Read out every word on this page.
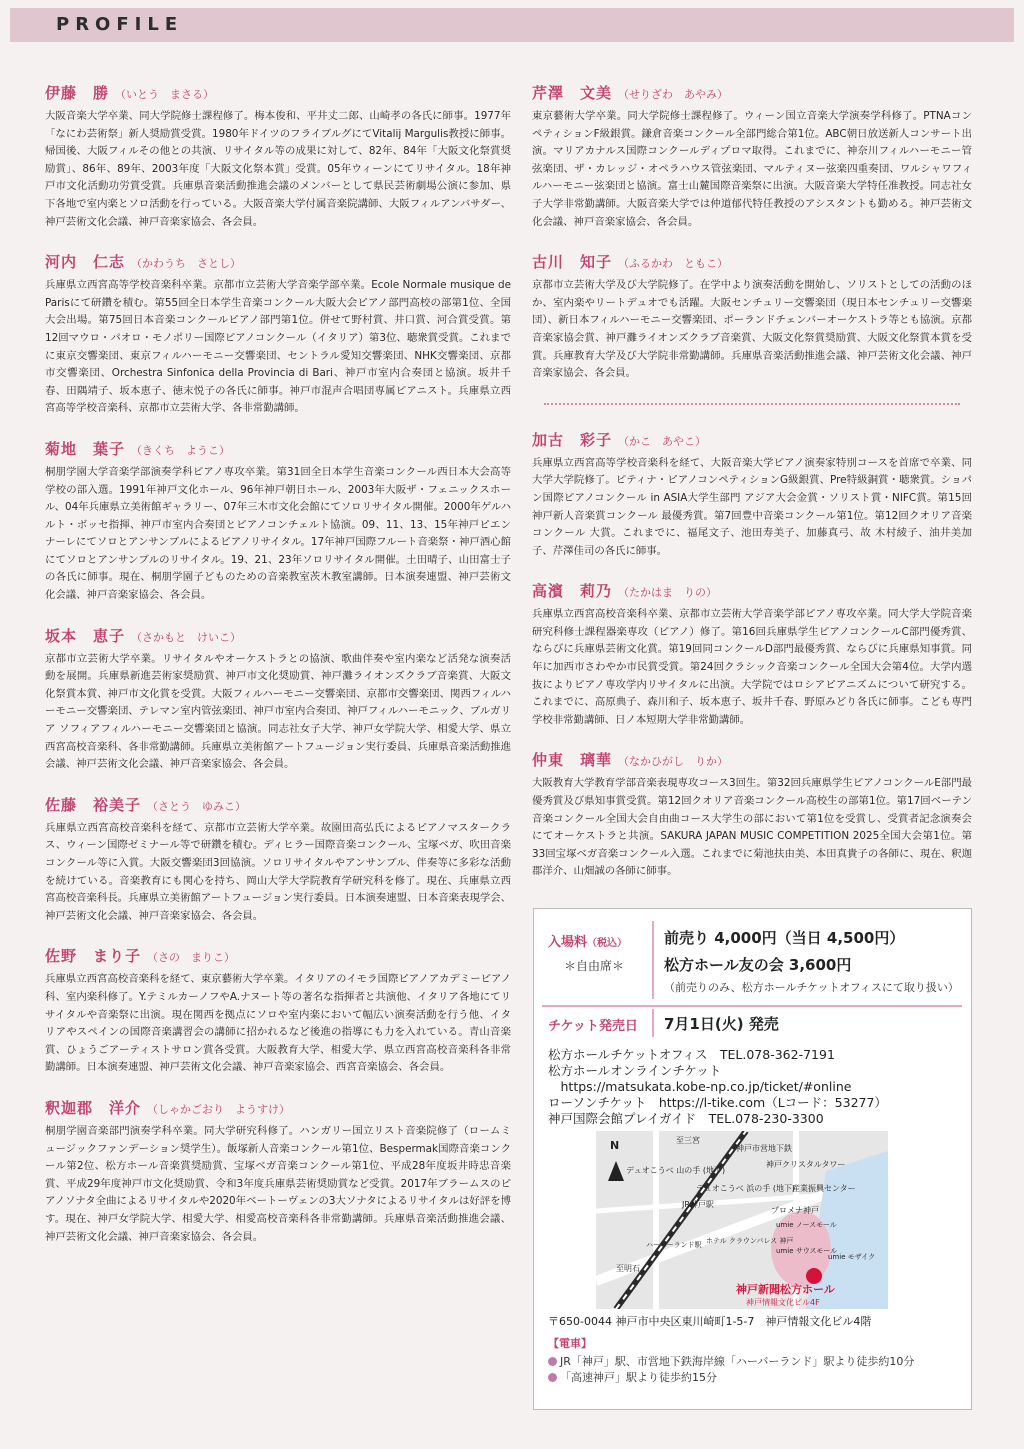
PROFILE
伊藤　勝 （いとう　まさる）

大阪音楽大学卒業、同大学院修士課程修了。梅本俊和、平井丈二郎、山崎孝の各氏に師事。1977年「なにわ芸術祭」新人奨励賞受賞。1980年ドイツのフライブルグにてVitalij Margulis教授に師事。帰国後、大阪フィルその他との共演、リサイタル等の成果に対して、82年、84年「大阪文化祭賞奨励賞」、86年、89年、2003年度「大阪文化祭本賞」受賞。05年ウィーンにてリサイタル。18年神戸市文化活動功労賞受賞。兵庫県音楽活動推進会議のメンバーとして県民芸術劇場公演に参加、県下各地で室内楽とソロ活動を行っている。大阪音楽大学付属音楽院講師、大阪フィルアンバサダー、神戸芸術文化会議、神戸音楽家協会、各会員。

河内　仁志 （かわうち　さとし）

兵庫県立西宮高等学校音楽科卒業。京都市立芸術大学音楽学部卒業。Ecole Normale musique de Parisにて研鑽を積む。第55回全日本学生音楽コンクール大阪大会ピアノ部門高校の部第1位、全国大会出場。第75回日本音楽コンクールピアノ部門第1位。併せて野村賞、井口賞、河合賞受賞。第12回マウロ・パオロ・モノポリー国際ピアノコンクール（イタリア）第3位、聴衆賞受賞。これまでに東京交響楽団、東京フィルハーモニー交響楽団、セントラル愛知交響楽団、NHK交響楽団、京都市交響楽団、Orchestra Sinfonica della Provincia di Bari、神戸市室内合奏団と協演。坂井千春、田隅靖子、坂本恵子、徳末悦子の各氏に師事。神戸市混声合唱団専属ピアニスト。兵庫県立西宮高等学校音楽科、京都市立芸術大学、各非常勤講師。

菊地　葉子 （きくち　ようこ）

桐朋学園大学音楽学部演奏学科ピアノ専攻卒業。第31回全日本学生音楽コンクール西日本大会高等学校の部入選。1991年神戸文化ホール、96年神戸朝日ホール、2003年大阪ザ・フェニックスホール、04年兵庫県立美術館ギャラリー、07年三木市文化会館にてソロリサイタル開催。2000年ゲルハルト・ボッセ指揮、神戸市室内合奏団とピアノコンチェルト協演。09、11、13、15年神戸ピエンナーレにてソロとアンサンブルによるピアノリサイタル。17年神戸国際フルート音楽祭・神戸酒心館にてソロとアンサンブルのリサイタル。19、21、23年ソロリサイタル開催。土田晴子、山田富士子の各氏に師事。現在、桐朋学園子どものための音楽教室茨木教室講師。日本演奏連盟、神戸芸術文化会議、神戸音楽家協会、各会員。

坂本　恵子 （さかもと　けいこ）

京都市立芸術大学卒業。リサイタルやオーケストラとの協演、歌曲伴奏や室内楽など活発な演奏活動を展開。兵庫県新進芸術家奨励賞、神戸市文化奨励賞、神戸灘ライオンズクラブ音楽賞、大阪文化祭賞本賞、神戸市文化賞を受賞。大阪フィルハーモニー交響楽団、京都市交響楽団、関西フィルハーモニー交響楽団、テレマン室内管弦楽団、神戸市室内合奏団、神戸フィルハーモニック、ブルガリア ソフィアフィルハーモニー交響楽団と協演。同志社女子大学、神戸女学院大学、相愛大学、県立西宮高校音楽科、各非常勤講師。兵庫県立美術館アートフュージョン実行委員、兵庫県音楽活動推進会議、神戸芸術文化会議、神戸音楽家協会、各会員。

佐藤　裕美子 （さとう　ゆみこ）

兵庫県立西宮高校音楽科を経て、京都市立芸術大学卒業。故園田高弘氏によるピアノマスタークラス、ウィーン国際ゼミナール等で研鑽を積む。ディヒラー国際音楽コンクール、宝塚ベガ、吹田音楽コンクール等に入賞。大阪交響楽団3回協演。ソロリサイタルやアンサンブル、伴奏等に多彩な活動を続けている。音楽教育にも関心を持ち、岡山大学大学院教育学研究科を修了。現在、兵庫県立西宮高校音楽科長。兵庫県立美術館アートフュージョン実行委員。日本演奏連盟、日本音楽表現学会、神戸芸術文化会議、神戸音楽家協会、各会員。

佐野　まり子 （さの　まりこ）

兵庫県立西宮高校音楽科を経て、東京藝術大学卒業。イタリアのイモラ国際ピアノアカデミーピアノ科、室内楽科修了。Y.テミルカーノフやA.ナヌート等の著名な指揮者と共演他、イタリア各地にてリサイタルや音楽祭に出演。現在関西を拠点にソロや室内楽において幅広い演奏活動を行う他、イタリアやスペインの国際音楽講習会の講師に招かれるなど後進の指導にも力を入れている。青山音楽賞、ひょうごアーティストサロン賞各受賞。大阪教育大学、相愛大学、県立西宮高校音楽科各非常勤講師。日本演奏連盟、神戸芸術文化会議、神戸音楽家協会、西宮音楽協会、各会員。

釈迦郡　洋介 （しゃかごおり　ようすけ）

桐朋学園音楽部門演奏学科卒業。同大学研究科修了。ハンガリー国立リスト音楽院修了（ロームミュージックファンデーション奨学生）。飯塚新人音楽コンクール第1位、Bespermak国際音楽コンクール第2位、松方ホール音楽賞奨励賞、宝塚ベガ音楽コンクール第1位、平成28年度坂井時忠音楽賞、平成29年度神戸市文化奨励賞、令和3年度兵庫県芸術奨励賞など受賞。2017年ブラームスのピアノソナタ全曲によるリサイタルや2020年ベートーヴェンの3大ソナタによるリサイタルは好評を博す。現在、神戸女学院大学、相愛大学、相愛高校音楽科各非常勤講師。兵庫県音楽活動推進会議、神戸芸術文化会議、神戸音楽家協会、各会員。

芹澤　文美 （せりざわ　あやみ）

東京藝術大学卒業。同大学院修士課程修了。ウィーン国立音楽大学演奏学科修了。PTNAコンペティションF級銀賞。鎌倉音楽コンクール全部門総合第1位。ABC朝日放送新人コンサート出演。マリアカナルス国際コンクールディプロマ取得。これまでに、神奈川フィルハーモニー管弦楽団、ザ・カレッジ・オペラハウス管弦楽団、マルティヌー弦楽四重奏団、ワルシャワフィルハーモニー弦楽団と協演。富士山麓国際音楽祭に出演。大阪音楽大学特任准教授。同志社女子大学非常勤講師。大阪音楽大学では仲道郁代特任教授のアシスタントも勤める。神戸芸術文化会議、神戸音楽家協会、各会員。

古川　知子 （ふるかわ　ともこ）

京都市立芸術大学及び大学院修了。在学中より演奏活動を開始し、ソリストとしての活動のほか、室内楽やリートデュオでも活躍。大阪センチュリー交響楽団（現日本センチュリー交響楽団）、新日本フィルハーモニー交響楽団、ポーランドチェンバーオーケストラ等とも協演。京都音楽家協会賞、神戸灘ライオンズクラブ音楽賞、大阪文化祭賞奨励賞、大阪文化祭賞本賞を受賞。兵庫教育大学及び大学院非常勤講師。兵庫県音楽活動推進会議、神戸芸術文化会議、神戸音楽家協会、各会員。

加古　彩子 （かこ　あやこ）

兵庫県立西宮高等学校音楽科を経て、大阪音楽大学ピアノ演奏家特別コースを首席で卒業、同大学大学院修了。ピティナ・ピアノコンペティションG級銀賞、Pre特級銅賞・聴衆賞。ショパン国際ピアノコンクール in ASIA大学生部門 アジア大会金賞・ソリスト賞・NIFC賞。第15回神戸新人音楽賞コンクール 最優秀賞。第7回豊中音楽コンクール第1位。第12回クオリア音楽コンクール 大賞。これまでに、福尾文子、池田寿美子、加藤真弓、故 木村綾子、油井美加子、芹澤佳司の各氏に師事。

高濱　莉乃 （たかはま　りの）

兵庫県立西宮高校音楽科卒業、京都市立芸術大学音楽学部ピアノ専攻卒業。同大学大学院音楽研究科修士課程器楽専攻（ピアノ）修了。第16回兵庫県学生ピアノコンクールC部門優秀賞、ならびに兵庫県芸術文化賞。第19回同コンクールD部門最優秀賞、ならびに兵庫県知事賞。同年に加西市さわやか市民賞受賞。第24回クラシック音楽コンクール全国大会第4位。大学内選抜によりピアノ専攻学内リサイタルに出演。大学院ではロシアピアニズムについて研究する。これまでに、高原典子、森川和子、坂本恵子、坂井千春、野原みどり各氏に師事。こども専門学校非常勤講師、日ノ本短期大学非常勤講師。

仲東　璃華 （なかひがし　りか）

大阪教育大学教育学部音楽表現専攻コース3回生。第32回兵庫県学生ピアノコンクールE部門最優秀賞及び県知事賞受賞。第12回クオリア音楽コンクール高校生の部第1位。第17回ベーテン音楽コンクール全国大会自由曲コース大学生の部において第1位を受賞し、受賞者記念演奏会にてオーケストラと共演。SAKURA JAPAN MUSIC COMPETITION 2025全国大会第1位。第33回宝塚ベガ音楽コンクール入選。これまでに菊池扶由美、本田真貴子の各師に、現在、釈迦郡洋介、山畑誠の各師に師事。

入場料（税込）
＊自由席＊
前売り 4,000円（当日 4,500円）
松方ホール友の会 3,600円
（前売りのみ、松方ホールチケットオフィスにて取り扱い）
チケット発売日 7月1日(火) 発売
松方ホールチケットオフィス　TEL.078-362-7191
松方ホールオンラインチケット
　https://matsukata.kobe-np.co.jp/ticket/#online
ローソンチケット　https://l-tike.com（Lコード：53277）
神戸国際会館プレイガイド　TEL.078-230-3300
N	至三宮
神戸市営地下鉄
デュオこうべ 山の手 (地下)
デュオこうべ 浜の手 (地下)
神戸クリスタルタワー
産業振興センター
プロメナ神戸
umie ノースモール
umie サウスモール
umie モザイク
ホテル クラウンパレス 神戸
JR神戸駅
ハーバーランド駅
至明石
神戸新聞松方ホール
神戸情報文化ビル4F
〒650-0044 神戸市中央区東川崎町1-5-7　神戸情報文化ビル4階
【電車】
JR「神戸」駅、市営地下鉄海岸線「ハーバーランド」駅より徒歩約10分
「高速神戸」駅より徒歩約15分
